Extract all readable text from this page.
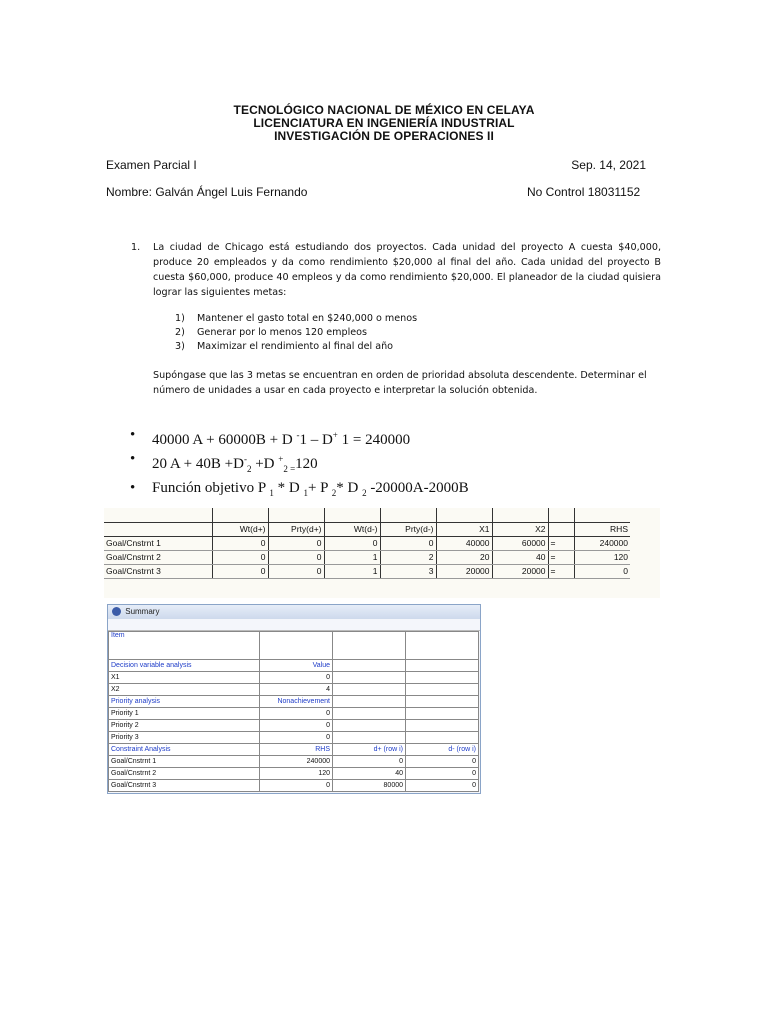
TECNOLÓGICO NACIONAL DE MÉXICO EN CELAYA
LICENCIATURA EN INGENIERÍA INDUSTRIAL
INVESTIGACIÓN DE OPERACIONES II
Examen Parcial I	Sep. 14, 2021
Nombre: Galván Ángel Luis Fernando	No Control 18031152
1. La ciudad de Chicago está estudiando dos proyectos. Cada unidad del proyecto A cuesta $40,000, produce 20 empleados y da como rendimiento $20,000 al final del año. Cada unidad del proyecto B cuesta $60,000, produce 40 empleos y da como rendimiento $20,000. El planeador de la ciudad quisiera lograr las siguientes metas:
1) Mantener el gasto total en $240,000 o menos
2) Generar por lo menos 120 empleos
3) Maximizar el rendimiento al final del año
Supóngase que las 3 metas se encuentran en orden de prioridad absoluta descendente. Determinar el número de unidades a usar en cada proyecto e interpretar la solución obtenida.
• 40000 A + 60000B + D -1 – D+ 1 = 240000
• 20 $A + 40B +D^-_2 +D$ +$_{2 =}$120
• Función objetivo P $_1$ * D $_1$+ P $_2$* D $_2$ -20000A-2000B

	Wt(d+)	Prty(d+)	Wt(d-)	Prty(d-)	X1	X2		RHS
Goal/Cnstrnt 1	0	0	0	0	40000	60000	=	240000
Goal/Cnstrnt 2	0	0	1	2	20	40	=	120
Goal/Cnstrnt 3	0	0	1	3	20000	20000	=	0
Summary
Item			
Decision variable analysis	Value		
X1	0		
X2	4		
Priority analysis	Nonachievement		
Priority 1	0		
Priority 2	0		
Priority 3	0		
Constraint Analysis	RHS	d+ (row i)	d- (row i)
Goal/Cnstrnt 1	240000	0	0
Goal/Cnstrnt 2	120	40	0
Goal/Cnstrnt 3	0	80000	0
